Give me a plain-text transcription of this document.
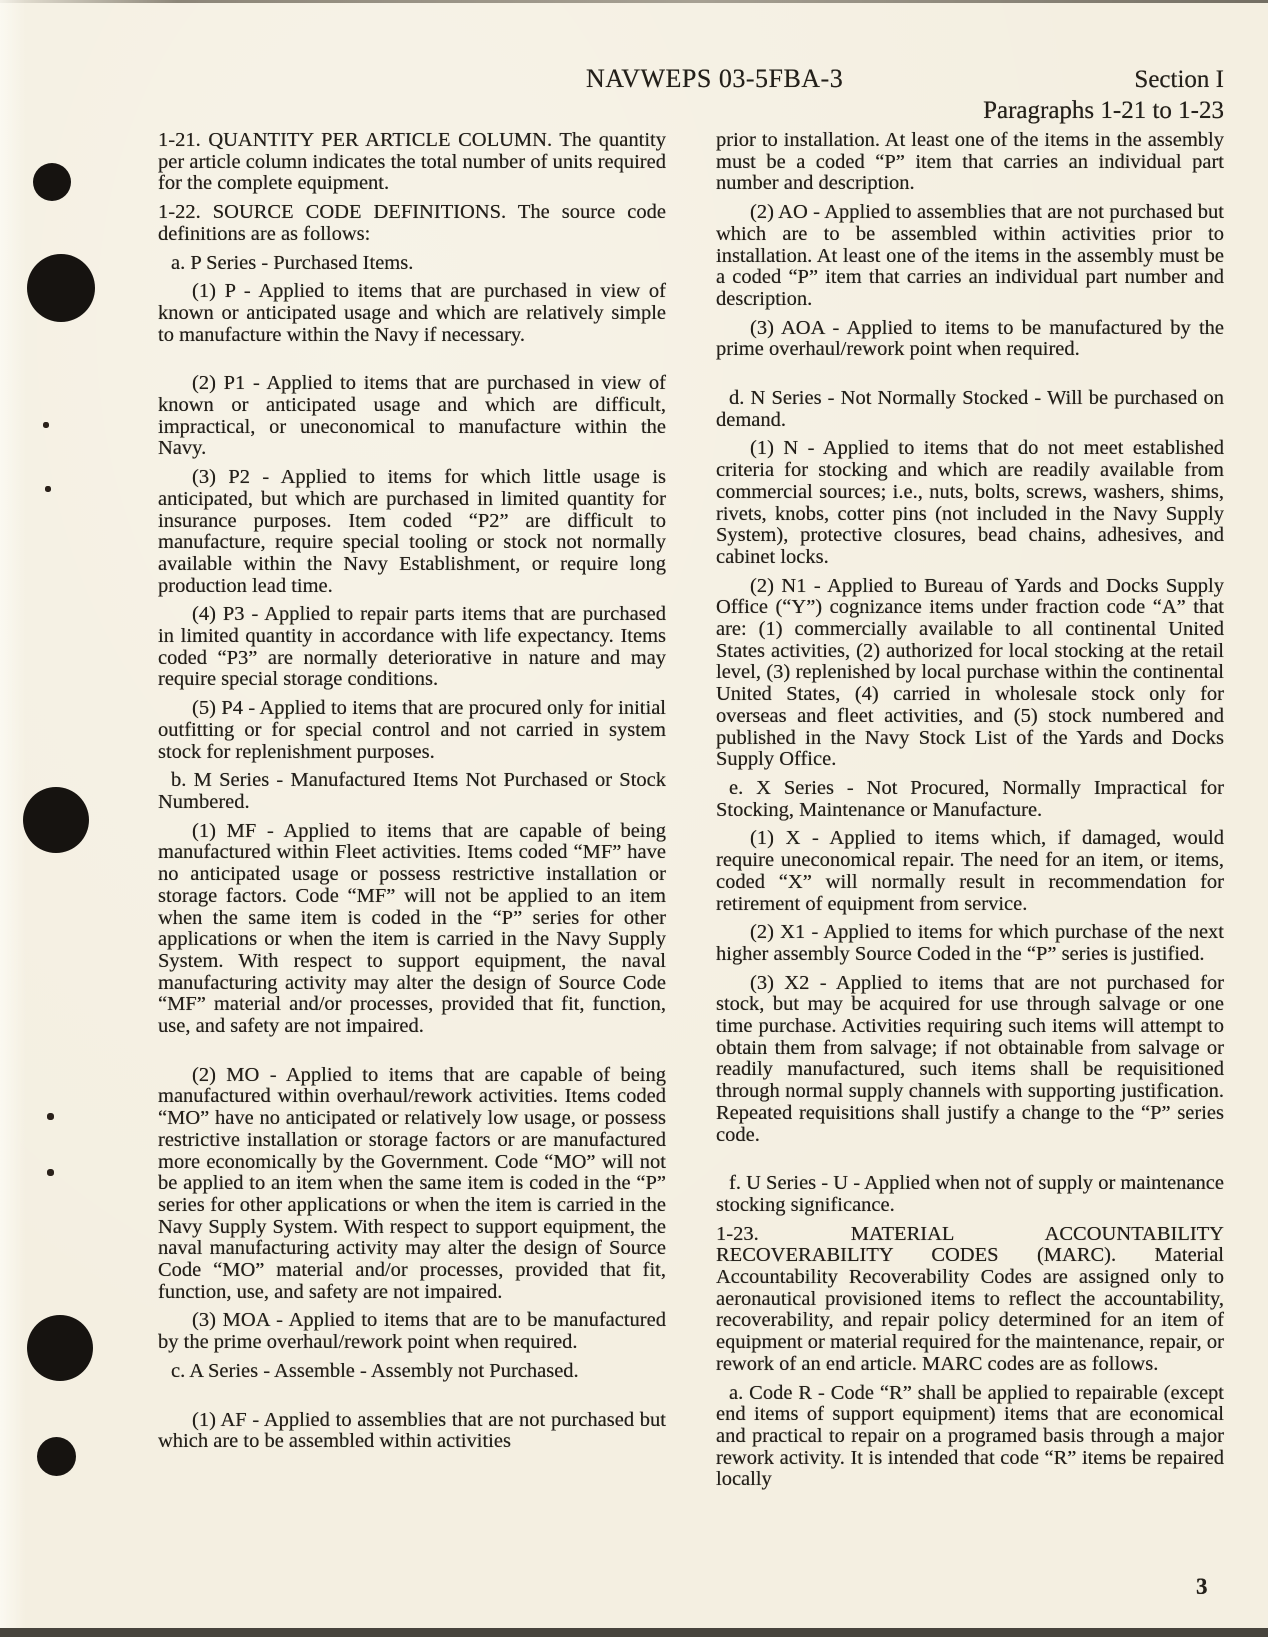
NAVWEPS 03-5FBA-3	Section I
Paragraphs 1-21 to 1-23

1-21. QUANTITY PER ARTICLE COLUMN. The quantity per article column indicates the total number of units required for the complete equipment.

1-22. SOURCE CODE DEFINITIONS. The source code definitions are as follows:

a. P Series - Purchased Items.

(1) P - Applied to items that are purchased in view of known or anticipated usage and which are relatively simple to manufacture within the Navy if necessary.

(2) P1 - Applied to items that are purchased in view of known or anticipated usage and which are difficult, impractical, or uneconomical to manufacture within the Navy.

(3) P2 - Applied to items for which little usage is anticipated, but which are purchased in limited quantity for insurance purposes. Item coded “P2” are difficult to manufacture, require special tooling or stock not normally available within the Navy Establishment, or require long production lead time.

(4) P3 - Applied to repair parts items that are purchased in limited quantity in accordance with life expectancy. Items coded “P3” are normally deteriorative in nature and may require special storage conditions.

(5) P4 - Applied to items that are procured only for initial outfitting or for special control and not carried in system stock for replenishment purposes.

b. M Series - Manufactured Items Not Purchased or Stock Numbered.

(1) MF - Applied to items that are capable of being manufactured within Fleet activities. Items coded “MF” have no anticipated usage or possess restrictive installation or storage factors. Code “MF” will not be applied to an item when the same item is coded in the “P” series for other applications or when the item is carried in the Navy Supply System. With respect to support equipment, the naval manufacturing activity may alter the design of Source Code “MF” material and/or processes, provided that fit, function, use, and safety are not impaired.

(2) MO - Applied to items that are capable of being manufactured within overhaul/rework activities. Items coded “MO” have no anticipated or relatively low usage, or possess restrictive installation or storage factors or are manufactured more economically by the Government. Code “MO” will not be applied to an item when the same item is coded in the “P” series for other applications or when the item is carried in the Navy Supply System. With respect to support equipment, the naval manufacturing activity may alter the design of Source Code “MO” material and/or processes, provided that fit, function, use, and safety are not impaired.

(3) MOA - Applied to items that are to be manufactured by the prime overhaul/rework point when required.

c. A Series - Assemble - Assembly not Purchased.

(1) AF - Applied to assemblies that are not purchased but which are to be assembled within activities

prior to installation. At least one of the items in the assembly must be a coded “P” item that carries an individual part number and description.

(2) AO - Applied to assemblies that are not purchased but which are to be assembled within activities prior to installation. At least one of the items in the assembly must be a coded “P” item that carries an individual part number and description.

(3) AOA - Applied to items to be manufactured by the prime overhaul/rework point when required.

d. N Series - Not Normally Stocked - Will be purchased on demand.

(1) N - Applied to items that do not meet established criteria for stocking and which are readily available from commercial sources; i.e., nuts, bolts, screws, washers, shims, rivets, knobs, cotter pins (not included in the Navy Supply System), protective closures, bead chains, adhesives, and cabinet locks.

(2) N1 - Applied to Bureau of Yards and Docks Supply Office (“Y”) cognizance items under fraction code “A” that are: (1) commercially available to all continental United States activities, (2) authorized for local stocking at the retail level, (3) replenished by local purchase within the continental United States, (4) carried in wholesale stock only for overseas and fleet activities, and (5) stock numbered and published in the Navy Stock List of the Yards and Docks Supply Office.

e. X Series - Not Procured, Normally Impractical for Stocking, Maintenance or Manufacture.

(1) X - Applied to items which, if damaged, would require uneconomical repair. The need for an item, or items, coded “X” will normally result in recommendation for retirement of equipment from service.

(2) X1 - Applied to items for which purchase of the next higher assembly Source Coded in the “P” series is justified.

(3) X2 - Applied to items that are not purchased for stock, but may be acquired for use through salvage or one time purchase. Activities requiring such items will attempt to obtain them from salvage; if not obtainable from salvage or readily manufactured, such items shall be requisitioned through normal supply channels with supporting justification. Repeated requisitions shall justify a change to the “P” series code.

f. U Series - U - Applied when not of supply or maintenance stocking significance.

1-23. MATERIAL ACCOUNTABILITY RECOVERABILITY CODES (MARC). Material Accountability Recoverability Codes are assigned only to aeronautical provisioned items to reflect the accountability, recoverability, and repair policy determined for an item of equipment or material required for the maintenance, repair, or rework of an end article. MARC codes are as follows.

a. Code R - Code “R” shall be applied to repairable (except end items of support equipment) items that are economical and practical to repair on a programed basis through a major rework activity. It is intended that code “R” items be repaired locally

3
